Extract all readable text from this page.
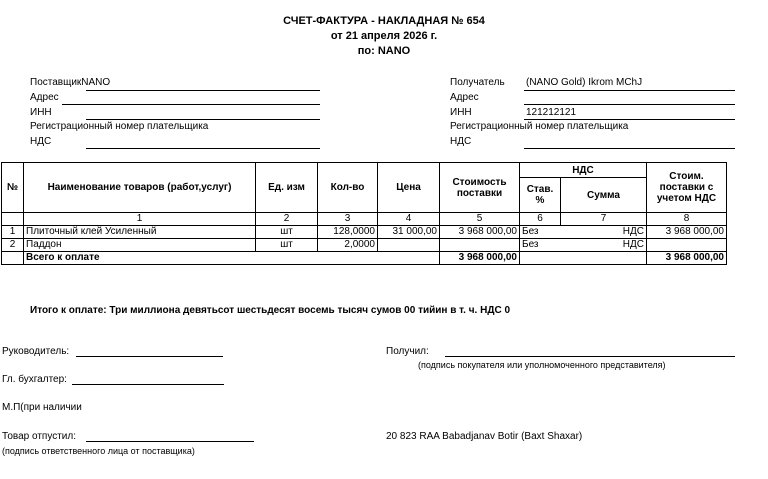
СЧЕТ-ФАКТУРА - НАКЛАДНАЯ № 654
от 21 апреля 2026 г.
по: NANO
ПоставщикNANO
Адрес
ИНН
Регистрационный номер плательщика
НДС
Получатель (NANO Gold) Ikrom MChJ
Адрес
ИНН	121212121
Регистрационный номер плательщика
НДС
№	Наименование товаров (работ,услуг)	Ед. изм	Кол-во	Цена	Стоимость поставки	НДС		Стоим. поставки с учетом НДС
						Став. %	Сумма	
	1	2	3	4	5	6	7	8
1	Плиточный клей Усиленный	шт	128,0000	31 000,00	3 968 000,00	Без	НДС	3 968 000,00
2	Паддон	шт	2,0000			Без	НДС	
	Всего к оплате				3 968 000,00			3 968 000,00
Итого к оплате: Три миллиона девятьсот шестьдесят восемь тысяч сумов 00 тийин в т. ч. НДС 0
Руководитель:
Гл. бухгалтер:
М.П(при наличии
Товар отпустил:
(подпись ответственного лица от поставщика)
Получил:
(подпись покупателя или уполномоченного представителя)
20 823 RAA Babadjanav Botir (Baxt Shaxar)
